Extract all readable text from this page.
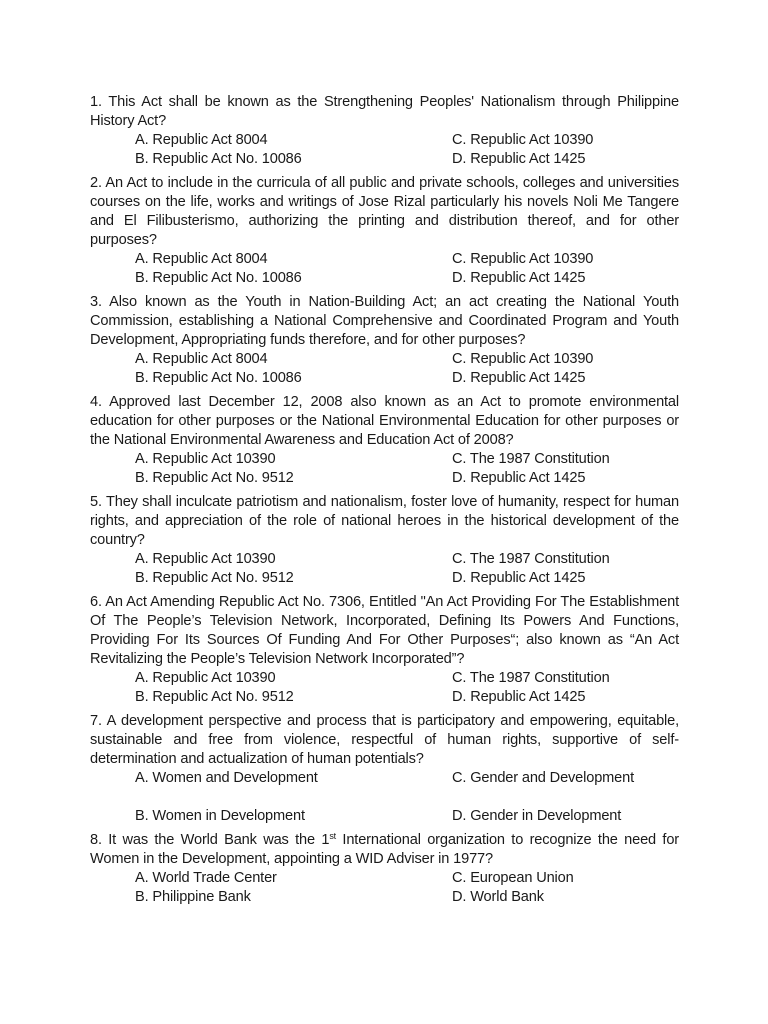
1. This Act shall be known as the Strengthening Peoples' Nationalism through Philippine History Act?
A. Republic Act 8004	C. Republic Act 10390
B. Republic Act No. 10086	D. Republic Act 1425
2. An Act to include in the curricula of all public and private schools, colleges and universities courses on the life, works and writings of Jose Rizal particularly his novels Noli Me Tangere and El Filibusterismo, authorizing the printing and distribution thereof, and for other purposes?
A. Republic Act 8004	C. Republic Act 10390
B. Republic Act No. 10086	D. Republic Act 1425
3. Also known as the Youth in Nation-Building Act; an act creating the National Youth Commission, establishing a National Comprehensive and Coordinated Program and Youth Development, Appropriating funds therefore, and for other purposes?
A. Republic Act 8004	C. Republic Act 10390
B. Republic Act No. 10086	D. Republic Act 1425
4. Approved last December 12, 2008 also known as an Act to promote environmental education for other purposes or the National Environmental Education for other purposes or the National Environmental Awareness and Education Act of 2008?
A. Republic Act 10390	C. The 1987 Constitution
B. Republic Act No. 9512	D. Republic Act 1425
5. They shall inculcate patriotism and nationalism, foster love of humanity, respect for human rights, and appreciation of the role of national heroes in the historical development of the country?
A. Republic Act 10390	C. The 1987 Constitution
B. Republic Act No. 9512	D. Republic Act 1425
6. An Act Amending Republic Act No. 7306, Entitled "An Act Providing For The Establishment Of The People’s Television Network, Incorporated, Defining Its Powers And Functions, Providing For Its Sources Of Funding And For Other Purposes“; also known as “An Act Revitalizing the People’s Television Network Incorporated”?
A. Republic Act 10390	C. The 1987 Constitution
B. Republic Act No. 9512	D. Republic Act 1425
7. A development perspective and process that is participatory and empowering, equitable, sustainable and free from violence, respectful of human rights, supportive of self-determination and actualization of human potentials?
A. Women and Development	C. Gender and Development
B. Women in Development	D. Gender in Development
8. It was the World Bank was the 1st International organization to recognize the need for Women in the Development, appointing a WID Adviser in 1977?
A. World Trade Center	C. European Union
B. Philippine Bank	D. World Bank
